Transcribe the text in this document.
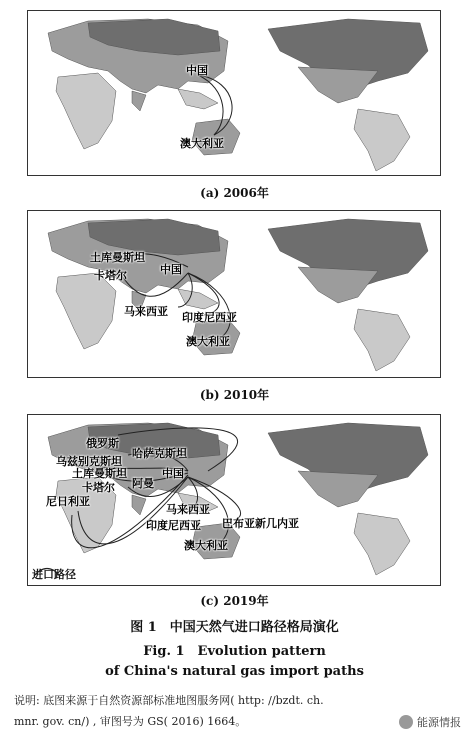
中国
澳大利亚
(a) 2006年
土库曼斯坦
卡塔尔	中国
马来西亚 印度尼西亚
澳大利亚
(b) 2010年
俄罗斯
哈萨克斯坦
乌兹别克斯坦
土库曼斯坦	中国
卡塔尔 阿曼
尼日利亚
马来西亚
印度尼西亚 巴布亚新几内亚
澳大利亚
进口路径
(c) 2019年
图 1　中国天然气进口路径格局演化
Fig. 1　Evolution pattern
of China's natural gas import paths
说明: 底图来源于自然资源部标准地图服务网( http: //bzdt. ch.
mnr. gov. cn/) , 审图号为 GS( 2016) 1664。	能源情报
